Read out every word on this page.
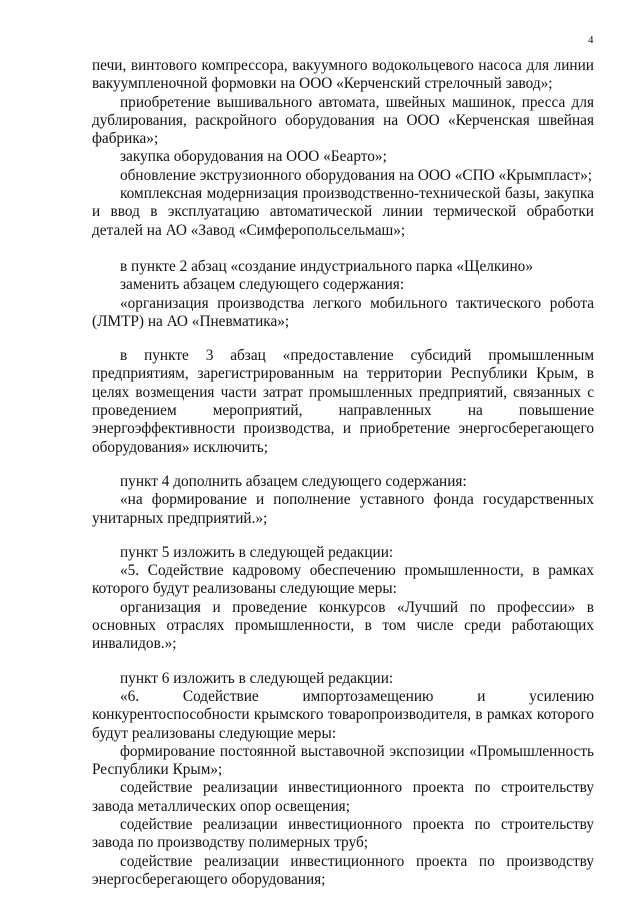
4

печи, винтового компрессора, вакуумного водокольцевого насоса для линии вакуумпленочной формовки на ООО «Керченский стрелочный завод»;

приобретение вышивального автомата, швейных машинок, пресса для дублирования, раскройного оборудования на ООО «Керченская швейная фабрика»;

закупка оборудования на ООО «Беарто»;

обновление экструзионного оборудования на ООО «СПО «Крымпласт»;

комплексная модернизация производственно-технической базы, закупка и ввод в эксплуатацию автоматической линии термической обработки деталей на АО «Завод «Симферопольсельмаш»;

в пункте 2 абзац «создание индустриального парка «Щелкино»

заменить абзацем следующего содержания:

«организация производства легкого мобильного тактического робота (ЛМТР) на АО «Пневматика»;

в пункте 3 абзац «предоставление субсидий промышленным предприятиям, зарегистрированным на территории Республики Крым, в целях возмещения части затрат промышленных предприятий, связанных с проведением мероприятий, направленных на повышение энергоэффективности производства, и приобретение энергосберегающего оборудования» исключить;

пункт 4 дополнить абзацем следующего содержания:

«на формирование и пополнение уставного фонда государственных унитарных предприятий.»;

пункт 5 изложить в следующей редакции:

«5. Содействие кадровому обеспечению промышленности, в рамках которого будут реализованы следующие меры:

организация и проведение конкурсов «Лучший по профессии» в основных отраслях промышленности, в том числе среди работающих инвалидов.»;

пункт 6 изложить в следующей редакции:

«6. Содействие импортозамещению и усилению конкурентоспособности крымского товаропроизводителя, в рамках которого будут реализованы следующие меры:

формирование постоянной выставочной экспозиции «Промышленность Республики Крым»;

содействие реализации инвестиционного проекта по строительству завода металлических опор освещения;

содействие реализации инвестиционного проекта по строительству завода по производству полимерных труб;

содействие реализации инвестиционного проекта по производству энергосберегающего оборудования;
